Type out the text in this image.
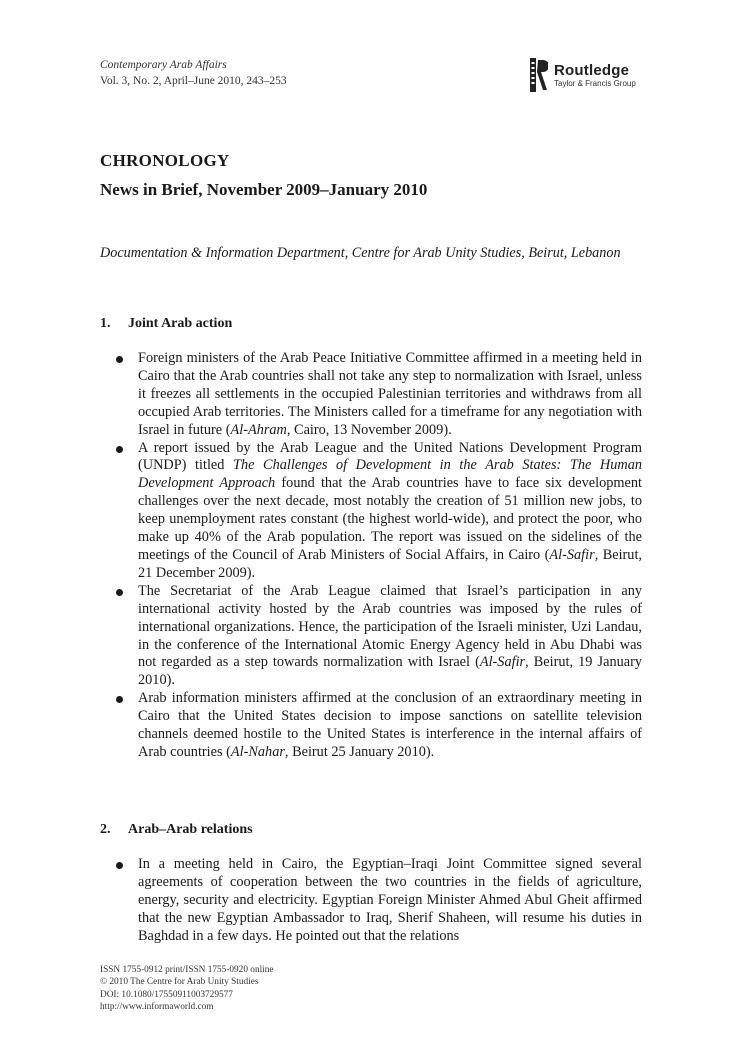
Contemporary Arab Affairs
Vol. 3, No. 2, April–June 2010, 243–253
Routledge
Taylor & Francis Group
CHRONOLOGY
News in Brief, November 2009–January 2010
Documentation & Information Department, Centre for Arab Unity Studies, Beirut, Lebanon
1. Joint Arab action
Foreign ministers of the Arab Peace Initiative Committee affirmed in a meeting held in Cairo that the Arab countries shall not take any step to normalization with Israel, unless it freezes all settlements in the occupied Palestinian territories and withdraws from all occupied Arab territories. The Ministers called for a timeframe for any negotiation with Israel in future (Al-Ahram, Cairo, 13 November 2009).
A report issued by the Arab League and the United Nations Development Program (UNDP) titled The Challenges of Development in the Arab States: The Human Development Approach found that the Arab countries have to face six development challenges over the next decade, most notably the creation of 51 million new jobs, to keep unemployment rates constant (the highest world-wide), and protect the poor, who make up 40% of the Arab population. The report was issued on the sidelines of the meetings of the Council of Arab Ministers of Social Affairs, in Cairo (Al-Safir, Beirut, 21 December 2009).
The Secretariat of the Arab League claimed that Israel’s participation in any international activity hosted by the Arab countries was imposed by the rules of international organizations. Hence, the participation of the Israeli minister, Uzi Landau, in the conference of the International Atomic Energy Agency held in Abu Dhabi was not regarded as a step towards normalization with Israel (Al-Safir, Beirut, 19 January 2010).
Arab information ministers affirmed at the conclusion of an extraordinary meeting in Cairo that the United States decision to impose sanctions on satellite television channels deemed hostile to the United States is interference in the internal affairs of Arab countries (Al-Nahar, Beirut 25 January 2010).
2. Arab–Arab relations
In a meeting held in Cairo, the Egyptian–Iraqi Joint Committee signed several agreements of cooperation between the two countries in the fields of agriculture, energy, security and electricity. Egyptian Foreign Minister Ahmed Abul Gheit affirmed that the new Egyptian Ambassador to Iraq, Sherif Shaheen, will resume his duties in Baghdad in a few days. He pointed out that the relations
ISSN 1755-0912 print/ISSN 1755-0920 online
© 2010 The Centre for Arab Unity Studies
DOI: 10.1080/17550911003729577
http://www.informaworld.com
